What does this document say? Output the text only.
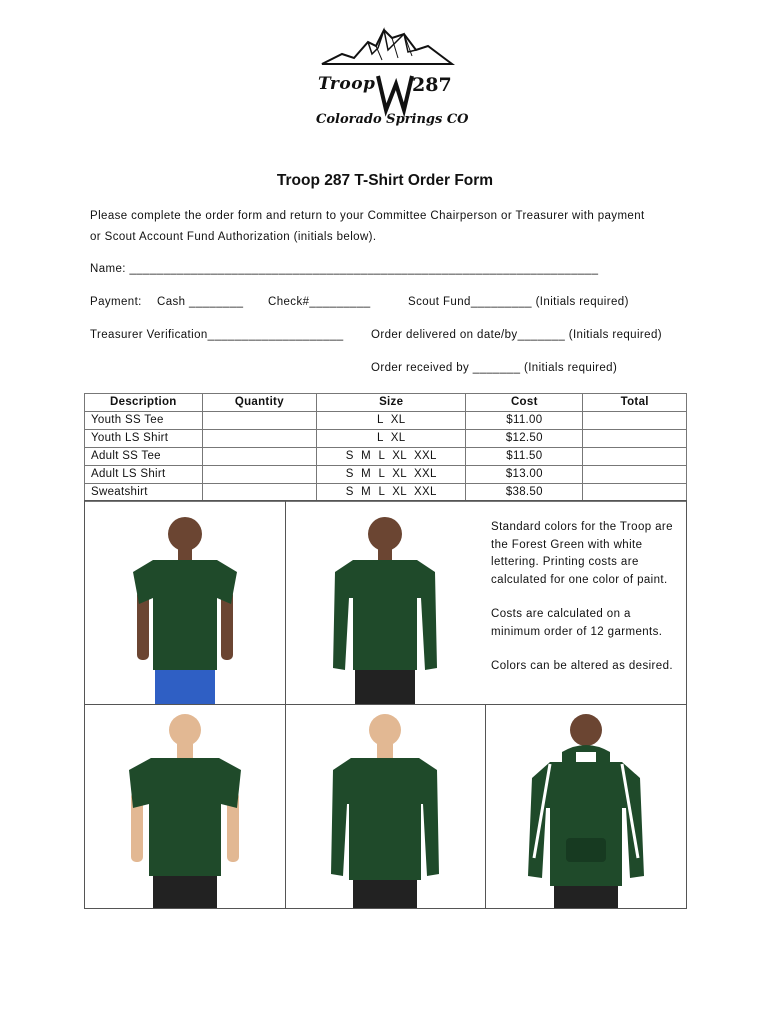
Troop 287
Colorado Springs CO
Troop 287 T-Shirt Order Form
Please complete the order form and return to your Committee Chairperson or Treasurer with payment
or Scout Account Fund Authorization (initials below).
Name: _____________________________________________________________________
Payment: Cash ________ Check#_________	Scout Fund_________ (Initials required)
Treasurer Verification____________________ Order delivered on date/by_______ (Initials required)
Order received by _______ (Initials required)
Description	Quantity	Size	Cost	Total
Youth SS Tee		L XL	$11.00	
Youth LS Shirt		L XL	$12.50	
Adult SS Tee		S M L XL XXL	$11.50	
Adult LS Shirt		S M L XL XXL	$13.00	
Sweatshirt		S M L XL XXL	$38.50	

Standard colors for the Troop are the Forest Green with white lettering. Printing costs are calculated for one color of paint.

Costs are calculated on a minimum order of 12 garments.

Colors can be altered as desired.
